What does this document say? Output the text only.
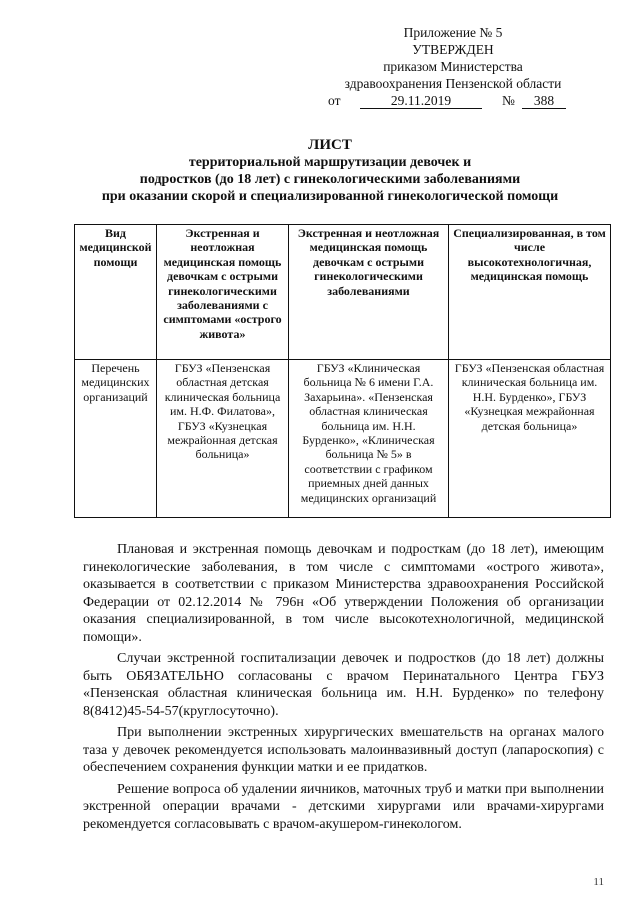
Приложение № 5
УТВЕРЖДЕН
приказом Министерства
здравоохранения Пензенской области
от	29.11.2019	№	388
ЛИСТ
территориальной маршрутизации девочек и
подростков (до 18 лет) с гинекологическими заболеваниями
при оказании скорой и специализированной гинекологической помощи
Вид медицинской помощи	Экстренная и неотложная медицинская помощь девочкам с острыми гинекологическими заболеваниями с симптомами «острого живота»	Экстренная и неотложная медицинская помощь девочкам с острыми гинекологическими заболеваниями	Специализированная, в том числе высокотехнологичная, медицинская помощь
Перечень медицинских организаций	ГБУЗ «Пензенская областная детская клиническая больница им. Н.Ф. Филатова», ГБУЗ «Кузнецкая межрайонная детская больница»	ГБУЗ «Клиническая больница № 6 имени Г.А. Захарьина». «Пензенская областная клиническая больница им. Н.Н. Бурденко», «Клиническая больница № 5» в соответствии с графиком приемных дней данных медицинских организаций	ГБУЗ «Пензенская областная клиническая больница им. Н.Н. Бурденко», ГБУЗ «Кузнецкая межрайонная детская больница»

Плановая и экстренная помощь девочкам и подросткам (до 18 лет), имеющим гинекологические заболевания, в том числе с симптомами «острого живота», оказывается в соответствии с приказом Министерства здравоохранения Российской Федерации от 02.12.2014 № 796н «Об утверждении Положения об организации оказания специализированной, в том числе высокотехнологичной, медицинской помощи».

Случаи экстренной госпитализации девочек и подростков (до 18 лет) должны быть ОБЯЗАТЕЛЬНО согласованы с врачом Перинатального Центра ГБУЗ «Пензенская областная клиническая больница им. Н.Н. Бурденко» по телефону 8(8412)45-54-57(круглосуточно).

При выполнении экстренных хирургических вмешательств на органах малого таза у девочек рекомендуется использовать малоинвазивный доступ (лапароскопия) с обеспечением сохранения функции матки и ее придатков.

Решение вопроса об удалении яичников, маточных труб и матки при выполнении экстренной операции врачами - детскими хирургами или врачами-хирургами рекомендуется согласовывать с врачом-акушером-гинекологом.

11
